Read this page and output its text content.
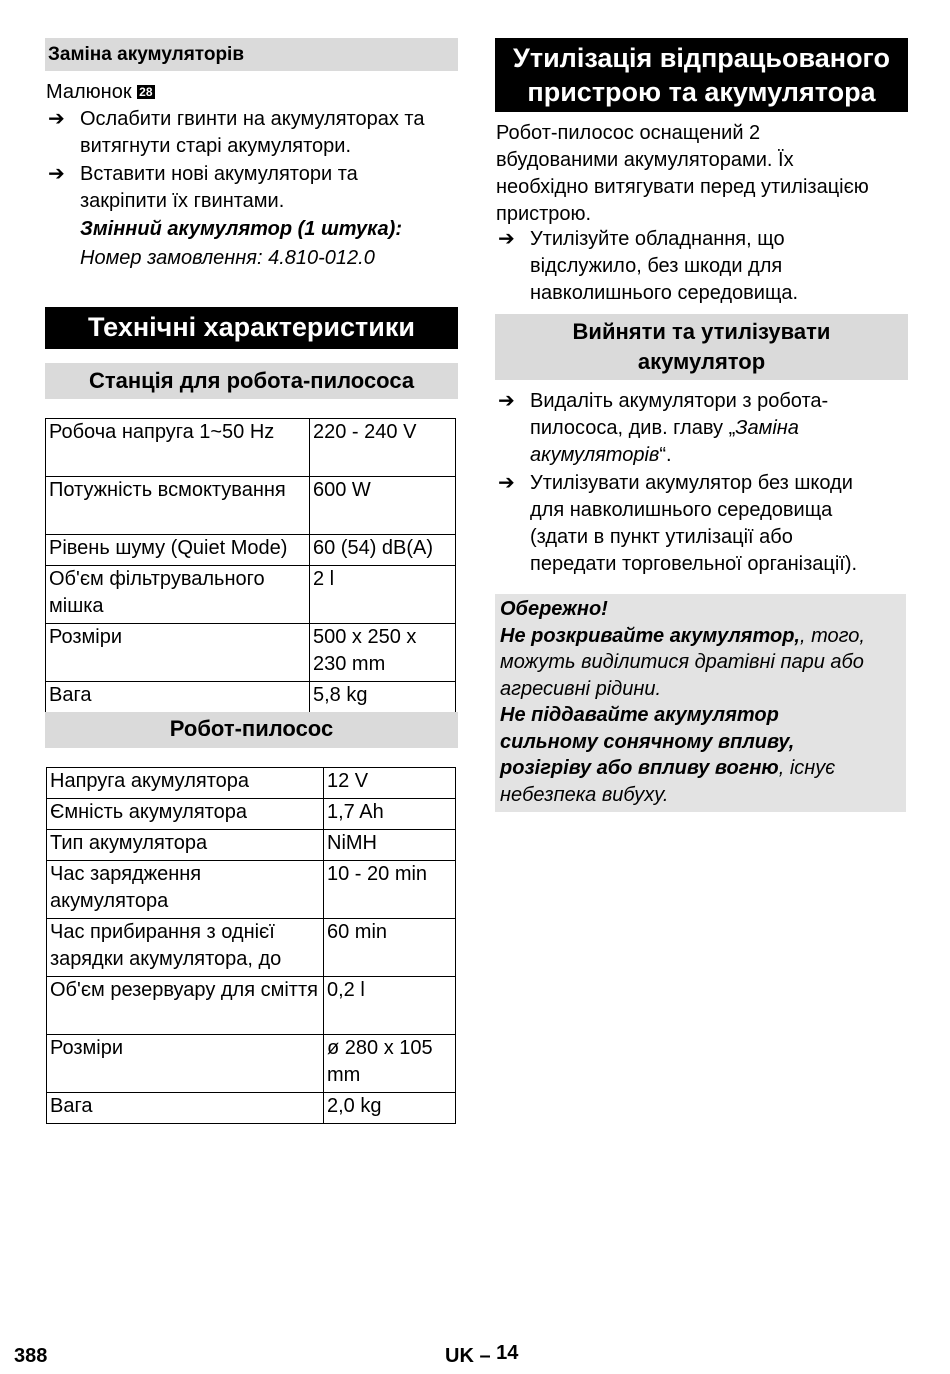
Заміна акумуляторів
Малюнок 28
➔ Ослабити гвинти на акумуляторах та
витягнути старі акумулятори.
➔ Вставити нові акумулятори та
закріпити їх гвинтами.
Змінний акумулятор (1 штука):
Номер замовлення: 4.810-012.0
Технічні характеристики
Станція для робота-пилососа
Робоча напруга 1~50 Hz	220 - 240 V
Потужність всмоктування	600 W
Рівень шуму (Quiet Mode)	60 (54) dB(A)
Об'єм фільтрувального мішка	2 l
Розміри	500 x 250 x 230 mm
Вага	5,8 kg
Робот-пилосос
Напруга акумулятора	12 V
Ємність акумулятора	1,7 Ah
Тип акумулятора	NiMH
Час зарядження акумулятора	10 - 20 min
Час прибирання з однієї зарядки акумулятора, до	60 min
Об'єм резервуару для сміття	0,2 l
Розміри	ø 280 x 105 mm
Вага	2,0 kg
Утилізація відпрацьованого
пристрою та акумулятора
Робот-пилосос оснащений 2
вбудованими акумуляторами. Їх
необхідно витягувати перед утилізацією
пристрою.
➔ Утилізуйте обладнання, що
відслужило, без шкоди для
навколишнього середовища.
Вийняти та утилізувати
акумулятор
➔ Видаліть акумулятори з робота-
пилососа, див. главу „Заміна
акумуляторів“.
➔ Утилізувати акумулятор без шкоди
для навколишнього середовища
(здати в пункт утилізації або
передати торговельної організації).
Обережно!
Не розкривайте акумулятор,, того,
можуть виділитися дратівні пари або
агресивні рідини.
Не піддавайте акумулятор
сильному сонячному впливу,
розігріву або впливу вогню, існує
небезпека вибуху.
388	UK – 14
